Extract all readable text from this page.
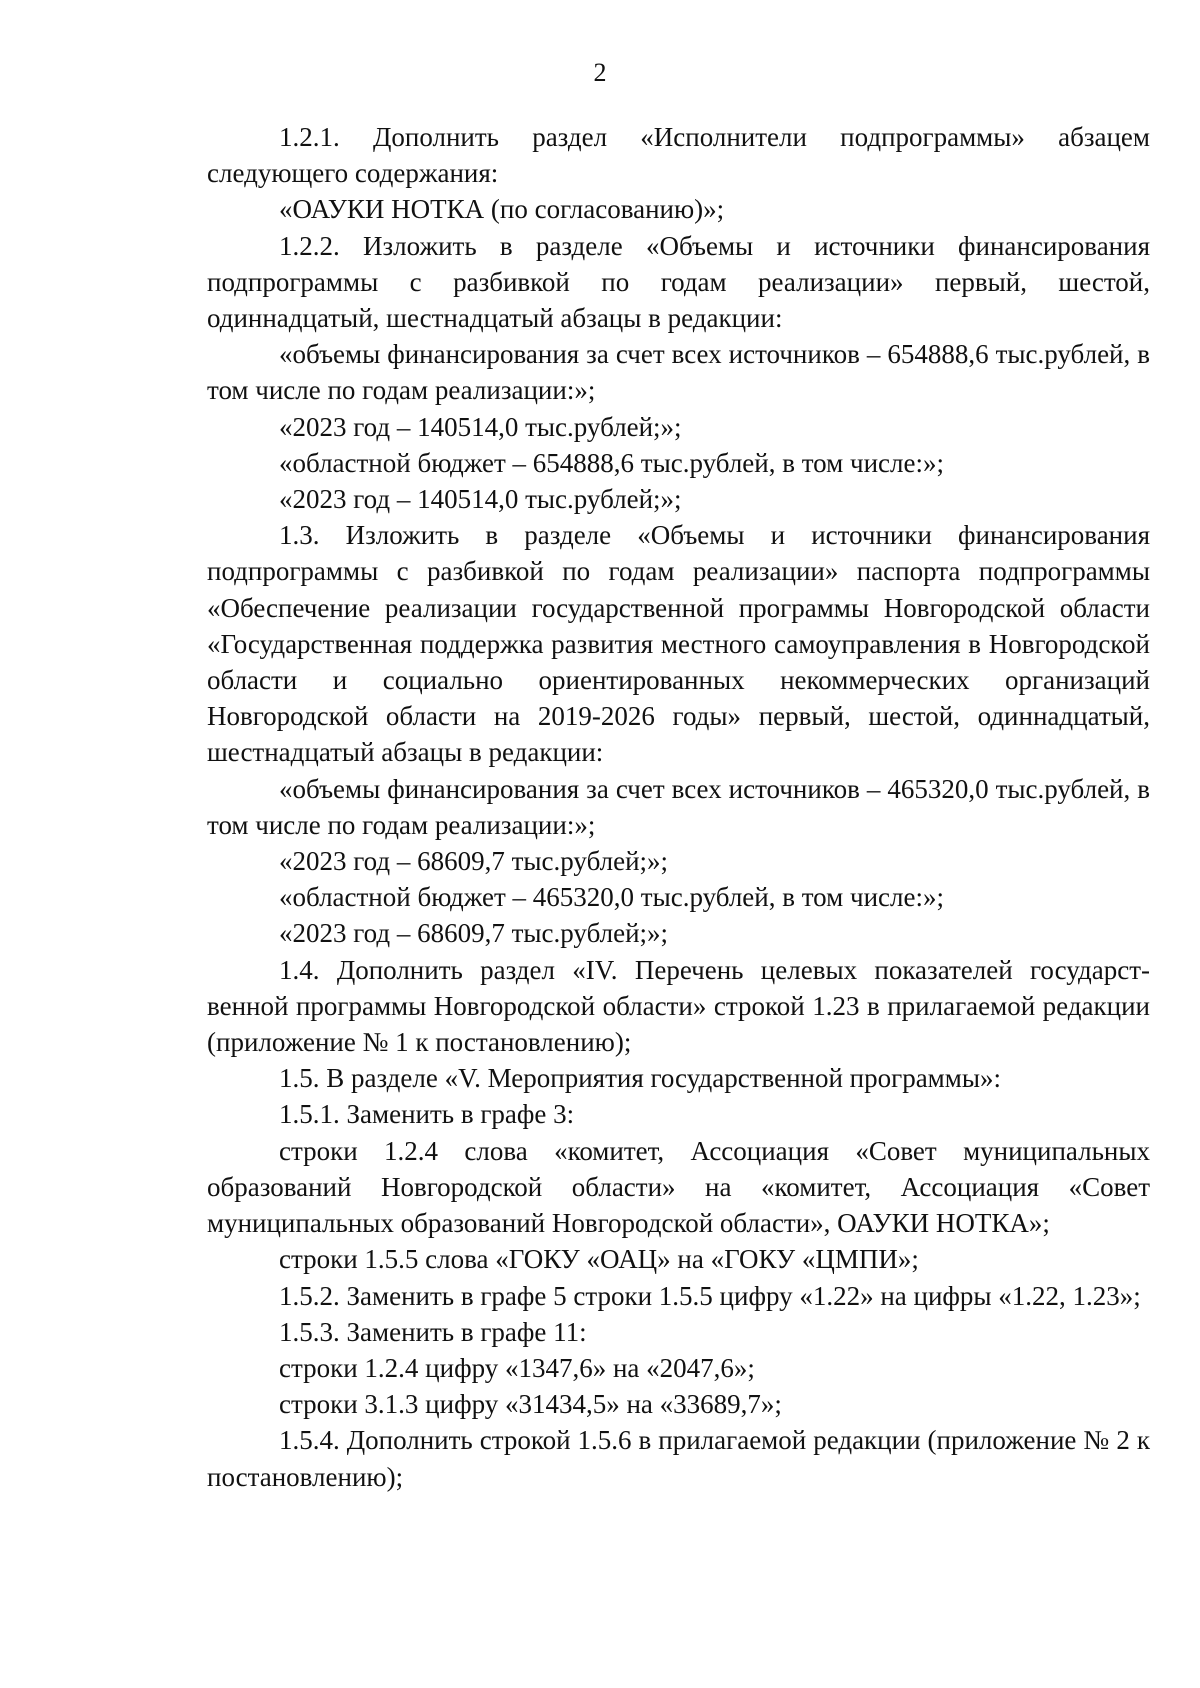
2

1.2.1. Дополнить раздел «Исполнители подпрограммы» абзацем следующего содержания:

«ОАУКИ НОТКА (по согласованию)»;

1.2.2. Изложить в разделе «Объемы и источники финансирования подпрограммы с разбивкой по годам реализации» первый, шестой, одиннадцатый, шестнадцатый абзацы в редакции:

«объемы финансирования за счет всех источников – 654888,6 тыс.рублей, в том числе по годам реализации:»;

«2023 год – 140514,0 тыс.рублей;»;

«областной бюджет – 654888,6 тыс.рублей, в том числе:»;

«2023 год – 140514,0 тыс.рублей;»;

1.3. Изложить в разделе «Объемы и источники финансирования подпрограммы с разбивкой по годам реализации» паспорта подпрограммы «Обеспечение реализации государственной программы Новгородской области «Государственная поддержка развития местного самоуправления в Новгородской области и социально ориентированных некоммерческих организаций Новгородской области на 2019-2026 годы» первый, шестой, одиннадцатый, шестнадцатый абзацы в редакции:

«объемы финансирования за счет всех источников – 465320,0 тыс.рублей, в том числе по годам реализации:»;

«2023 год – 68609,7 тыс.рублей;»;

«областной бюджет – 465320,0 тыс.рублей, в том числе:»;

«2023 год – 68609,7 тыс.рублей;»;

1.4. Дополнить раздел «IV. Перечень целевых показателей государст-венной программы Новгородской области» строкой 1.23 в прилагаемой редакции (приложение № 1 к постановлению);

1.5. В разделе «V. Мероприятия государственной программы»:

1.5.1. Заменить в графе 3:

строки 1.2.4 слова «комитет, Ассоциация «Совет муниципальных образований Новгородской области» на «комитет, Ассоциация «Совет муниципальных образований Новгородской области», ОАУКИ НОТКА»;

строки 1.5.5 слова «ГОКУ «ОАЦ» на «ГОКУ «ЦМПИ»;

1.5.2. Заменить в графе 5 строки 1.5.5 цифру «1.22» на цифры «1.22, 1.23»;

1.5.3. Заменить в графе 11:

строки 1.2.4 цифру «1347,6» на «2047,6»;

строки 3.1.3 цифру «31434,5» на «33689,7»;

1.5.4. Дополнить строкой 1.5.6 в прилагаемой редакции (приложение № 2 к постановлению);
